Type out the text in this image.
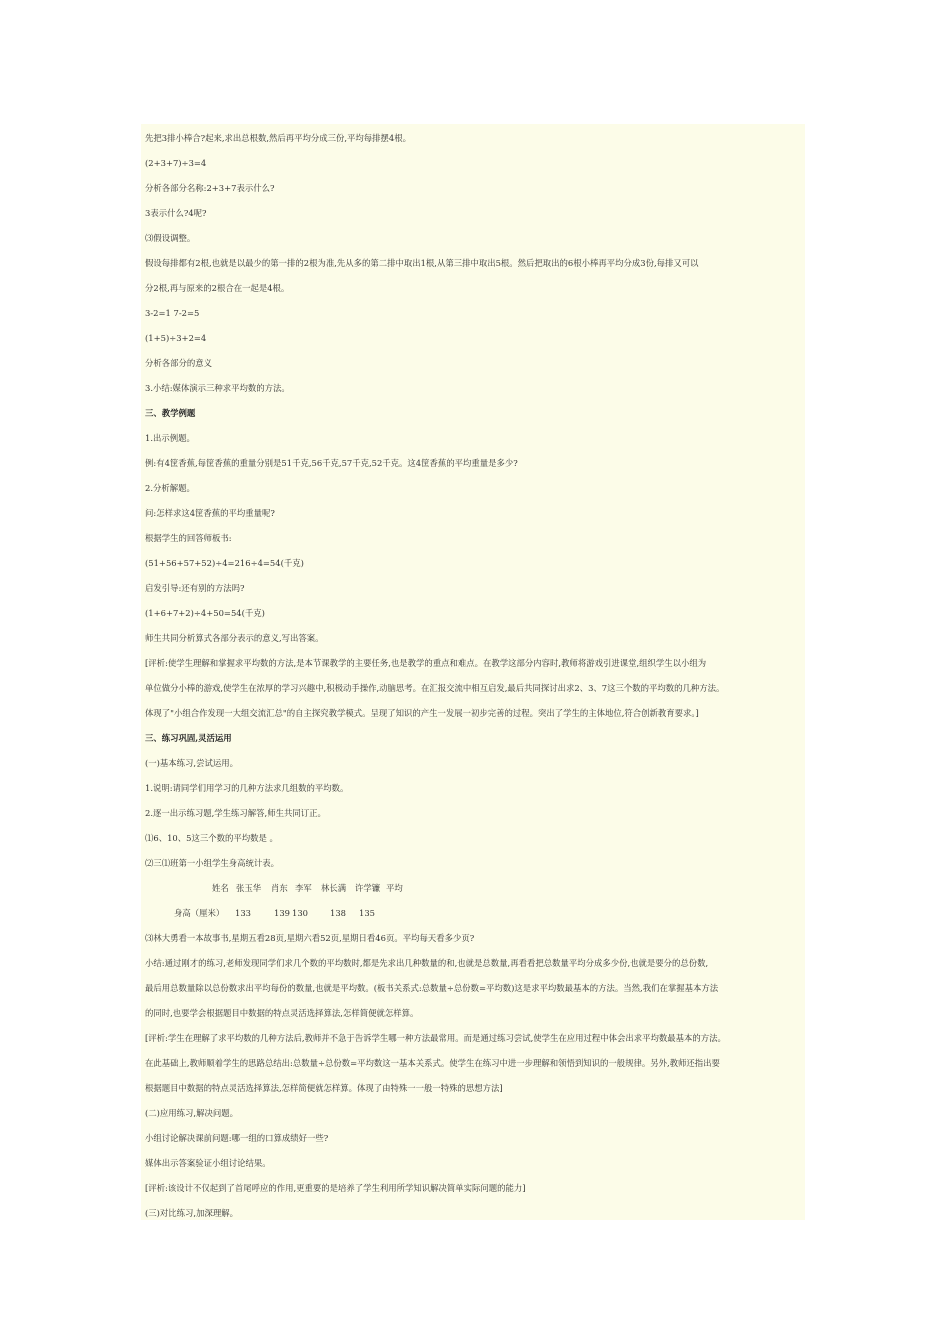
先把3排小棒合?起来,求出总根数,然后再平均分成三份,平均每排摆4根。
(2+3+7)÷3=4
分析各部分名称:2+3+7表示什么?
3表示什么?4呢?
⑶假设调整。
假设每排都有2根,也就是以最少的第一排的2根为准,先从多的第二排中取出1根,从第三排中取出5根。然后把取出的6根小棒再平均分成3份,每排又可以
分2根,再与原来的2根合在一起是4根。
3-2=1 7-2=5
(1+5)÷3+2=4
分析各部分的意义
3.小结:媒体演示三种求平均数的方法。
三、教学例题
1.出示例题。
例:有4筐香蕉,每筐香蕉的重量分别是51千克,56千克,57千克,52千克。这4筐香蕉的平均重量是多少?
2.分析解题。
问:怎样求这4筐香蕉的平均重量呢?
根据学生的回答师板书:
(51+56+57+52)÷4=216÷4=54(千克)
启发引导:还有别的方法吗?
(1+6+7+2)÷4+50=54(千克)
师生共同分析算式各部分表示的意义,写出答案。
[评析:使学生理解和掌握求平均数的方法,是本节课教学的主要任务,也是教学的重点和难点。在教学这部分内容时,教师将游戏引进课堂,组织学生以小组为
单位做分小棒的游戏,使学生在浓厚的学习兴趣中,积极动手操作,动脑思考。在汇报交流中相互启发,最后共同探讨出求2、3、7这三个数的平均数的几种方法。
体现了"小组合作发现一大组交流汇总"的自主探究教学模式。呈现了知识的产生一发展一初步完善的过程。突出了学生的主体地位,符合创新教育要求。]
三、练习巩固,灵活运用
(一)基本练习,尝试运用。
1.说明:请同学们用学习的几种方法求几组数的平均数。
2.逐一出示练习题,学生练习解答,师生共同订正。
⑴6、10、5这三个数的平均数是 。
⑵三⑴班第一小组学生身高统计表。
姓名 张玉华 肖东 李军 林长满 许学镰 平均
身高（厘米） 133	139 130	138 135
⑶林大勇看一本故事书,星期五看28页,星期六看52页,星期日看46页。平均每天看多少页?
小结:通过刚才的练习,老师发现同学们求几个数的平均数时,都是先求出几种数量的和,也就是总数量,再看看把总数量平均分成多少份,也就是要分的总份数,
最后用总数量除以总份数求出平均每份的数量,也就是平均数。(板书关系式:总数量÷总份数=平均数)这是求平均数最基本的方法。当然,我们在掌握基本方法
的同时,也要学会根据题目中数据的特点灵活选择算法,怎样简便就怎样算。
[评析:学生在理解了求平均数的几种方法后,教师并不急于告诉学生哪一种方法最常用。而是通过练习尝试,使学生在应用过程中体会出求平均数最基本的方法。
在此基础上,教师顺着学生的思路总结出:总数量÷总份数=平均数这一基本关系式。使学生在练习中进一步理解和领悟到知识的一般规律。另外,教师还指出要
根据题目中数据的特点灵活选择算法,怎样简便就怎样算。体现了由特殊一一般一特殊的思想方法]
(二)应用练习,解决问题。
小组讨论解决课前问题:哪一组的口算成绩好一些?
媒体出示答案验证小组讨论结果。
[评析:该设计不仅起到了首尾呼应的作用,更重要的是培养了学生利用所学知识解决简单实际问题的能力]
(三)对比练习,加深理解。
